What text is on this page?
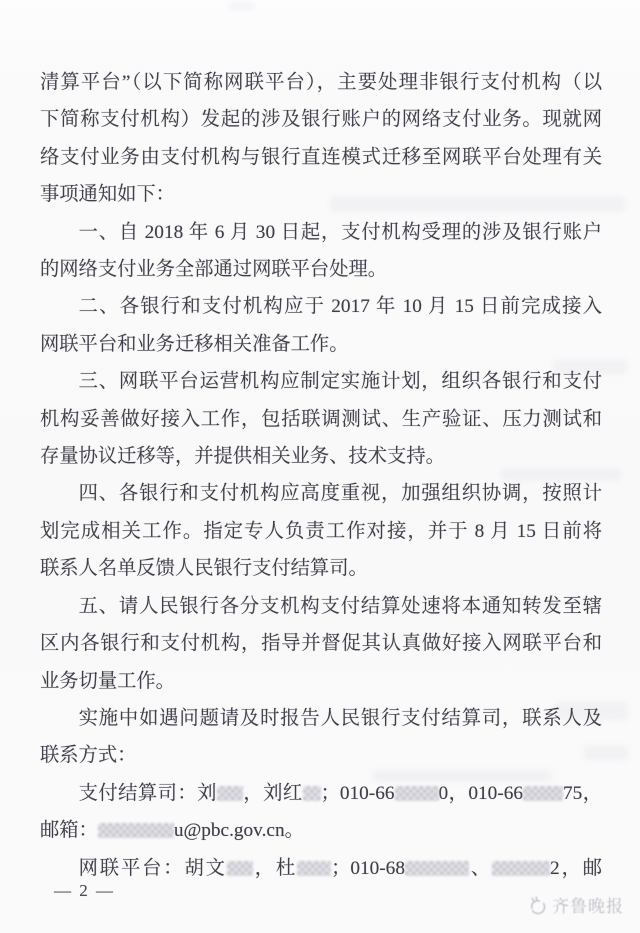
清算平台”（以下简称网联平台），主要处理非银行支付机构（以
下简称支付机构）发起的涉及银行账户的网络支付业务。现就网
络支付业务由支付机构与银行直连模式迁移至网联平台处理有关
事项通知如下：

一、自 2018 年 6 月 30 日起，支付机构受理的涉及银行账户
的网络支付业务全部通过网联平台处理。

二、各银行和支付机构应于 2017 年 10 月 15 日前完成接入
网联平台和业务迁移相关准备工作。

三、网联平台运营机构应制定实施计划，组织各银行和支付
机构妥善做好接入工作，包括联调测试、生产验证、压力测试和
存量协议迁移等，并提供相关业务、技术支持。

四、各银行和支付机构应高度重视，加强组织协调，按照计
划完成相关工作。指定专人负责工作对接，并于 8 月 15 日前将
联系人名单反馈人民银行支付结算司。

五、请人民银行各分支机构支付结算处速将本通知转发至辖
区内各银行和支付机构，指导并督促其认真做好接入网联平台和
业务切量工作。

实施中如遇问题请及时报告人民银行支付结算司，联系人及
联系方式：

支付结算司：刘 ，刘红 ；010-66 0，010-66 75，
邮箱：	u@pbc.gov.cn。

网联平台：胡文 ，杜 ；010-68	、	2，邮

— 2 —
齐鲁晚报
